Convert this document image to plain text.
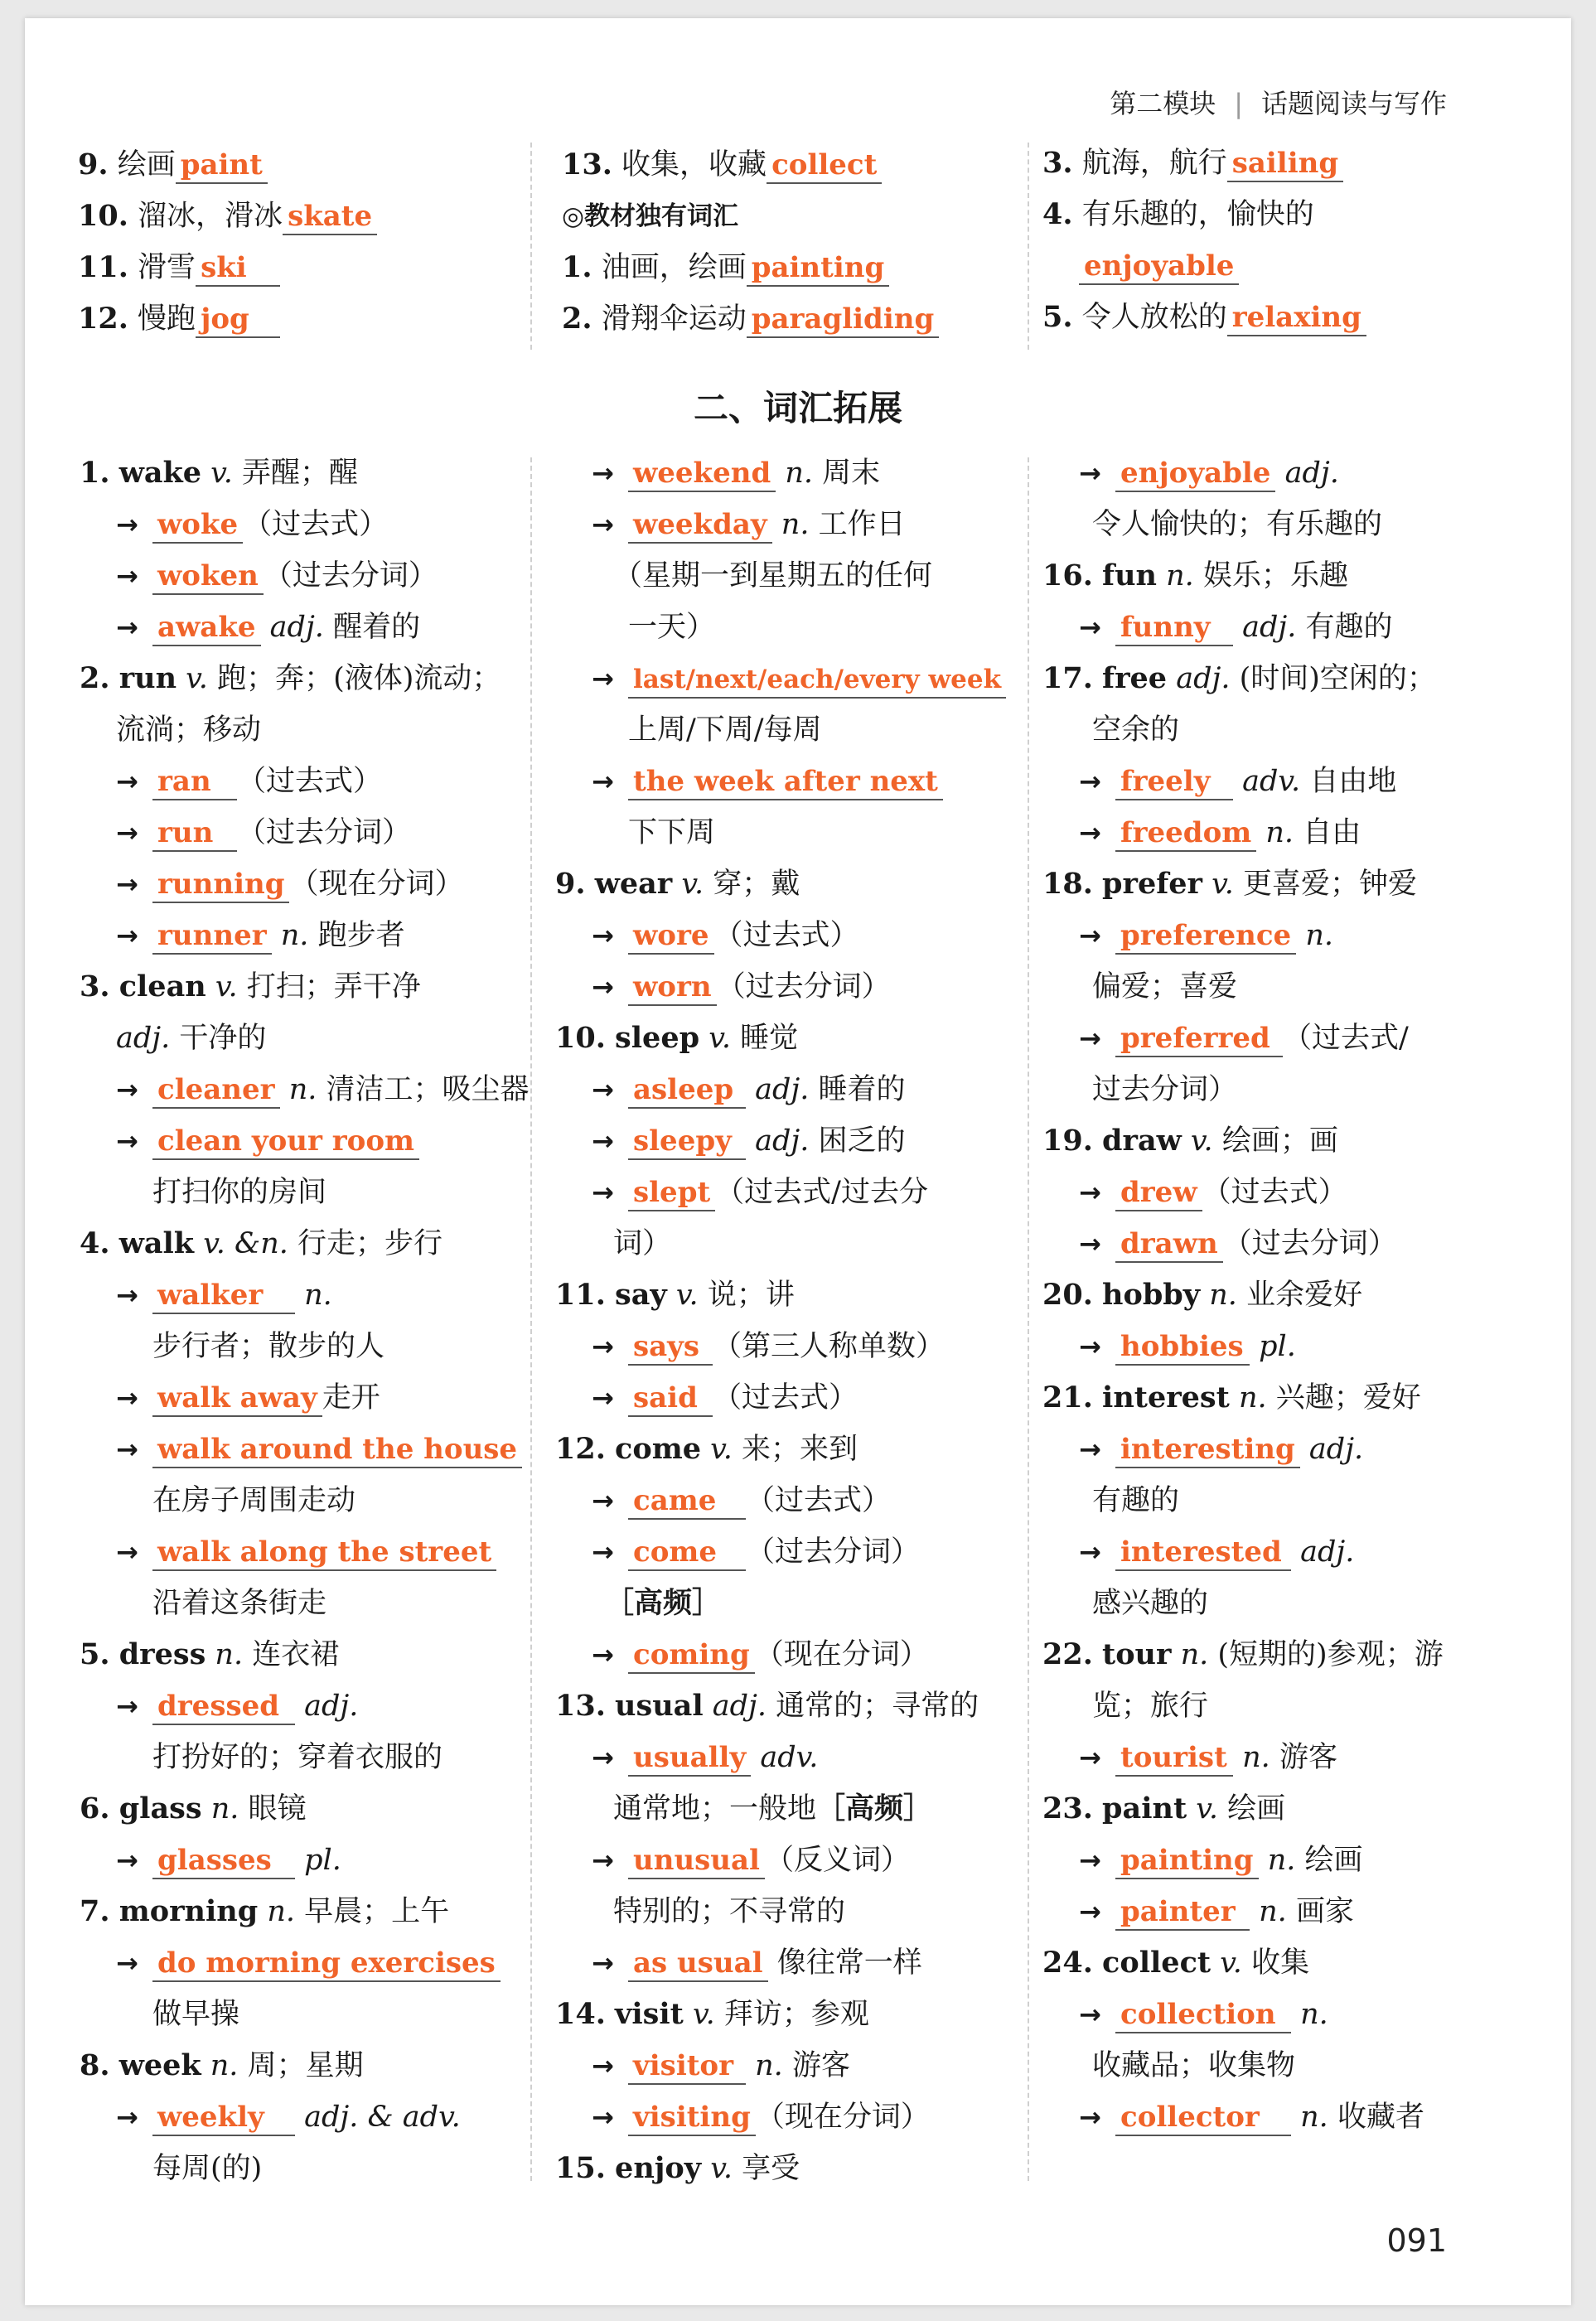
第二模块 | 话题阅读与写作
9. 绘画 paint
10. 溜冰，滑冰 skate
11. 滑雪 ski
12. 慢跑 jog
13. 收集，收藏 collect
◎教材独有词汇
1. 油画，绘画 painting
2. 滑翔伞运动 paragliding
3. 航海，航行 sailing
4. 有乐趣的，愉快的
enjoyable
5. 令人放松的 relaxing
二、词汇拓展
1. wake v. 弄醒；醒
→ woke （过去式）
→ woken （过去分词）
→ awake adj. 醒着的
2. run v. 跑；奔；(液体)流动；
流淌；移动
→ ran （过去式）
→ run （过去分词）
→ running （现在分词）
→ runner n. 跑步者
3. clean v. 打扫；弄干净
adj. 干净的
→ cleaner n. 清洁工；吸尘器
→ clean your room
打扫你的房间
4. walk v. &n. 行走；步行
→ walker n.
步行者；散步的人
→ walk away 走开
→ walk around the house
在房子周围走动
→ walk along the street
沿着这条街走
5. dress n. 连衣裙
→ dressed adj.
打扮好的；穿着衣服的
6. glass n. 眼镜
→ glasses pl.
7. morning n. 早晨；上午
→ do morning exercises
做早操
8. week n. 周；星期
→ weekly adj. & adv.
每周(的)
→ weekend n. 周末
→ weekday n. 工作日
（星期一到星期五的任何
一天）
→ last/next/each/every week
上周/下周/每周
→ the week after next
下下周
9. wear v. 穿；戴
→ wore （过去式）
→ worn （过去分词）
10. sleep v. 睡觉
→ asleep adj. 睡着的
→ sleepy adj. 困乏的
→ slept （过去式/过去分
词）
11. say v. 说；讲
→ says （第三人称单数）
→ said （过去式）
12. come v. 来；来到
→ came （过去式）
→ come （过去分词）
［高频］
→ coming （现在分词）
13. usual adj. 通常的；寻常的
→ usually adv.
通常地；一般地［高频］
→ unusual （反义词）
特别的；不寻常的
→ as usual 像往常一样
14. visit v. 拜访；参观
→ visitor n. 游客
→ visiting （现在分词）
15. enjoy v. 享受
→ enjoyable adj.
令人愉快的；有乐趣的
16. fun n. 娱乐；乐趣
→ funny adj. 有趣的
17. free adj. (时间)空闲的；
空余的
→ freely adv. 自由地
→ freedom n. 自由
18. prefer v. 更喜爱；钟爱
→ preference n.
偏爱；喜爱
→ preferred （过去式/
过去分词）
19. draw v. 绘画；画
→ drew （过去式）
→ drawn （过去分词）
20. hobby n. 业余爱好
→ hobbies pl.
21. interest n. 兴趣；爱好
→ interesting adj.
有趣的
→ interested adj.
感兴趣的
22. tour n. (短期的)参观；游
览；旅行
→ tourist n. 游客
23. paint v. 绘画
→ painting n. 绘画
→ painter n. 画家
24. collect v. 收集
→ collection n.
收藏品；收集物
→ collector n. 收藏者
091
